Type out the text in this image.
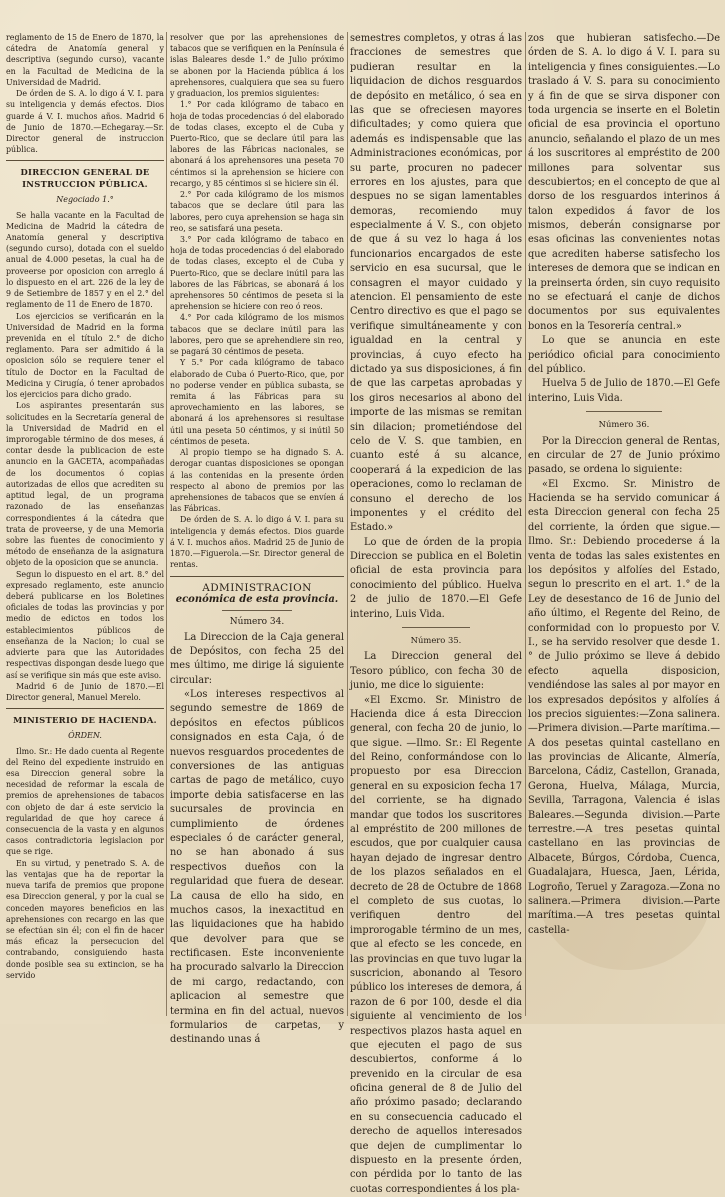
reglamento de 15 de Enero de 1870, la cátedra de Anatomía general y descriptiva (segundo curso), vacante en la Facultad de Medicina de la Universidad de Madrid.

De órden de S. A. lo digo á V. I. para su inteligencia y demás efectos. Dios guarde á V. I. muchos años. Madrid 6 de Junio de 1870.—Echegaray.—Sr. Director general de instruccion pública.

DIRECCION GENERAL DE INSTRUCCION PÚBLICA.
Negociado 1.°

Se halla vacante en la Facultad de Medicina de Madrid la cátedra de Anatomía general y descriptiva (segundo curso), dotada con el sueldo anual de 4.000 pesetas, la cual ha de proveerse por oposicion con arreglo á lo dispuesto en el art. 226 de la ley de 9 de Setiembre de 1857 y en el 2.° del reglamento de 11 de Enero de 1870.

Los ejercicios se verificarán en la Universidad de Madrid en la forma prevenida en el título 2.° de dicho reglamento. Para ser admitido á la oposicion sólo se requiere tener el título de Doctor en la Facultad de Medicina y Cirugía, ó tener aprobados los ejercicios para dicho grado.

Los aspirantes presentarán sus solicitudes en la Secretaría general de la Universidad de Madrid en el improrogable término de dos meses, á contar desde la publicacion de este anuncio en la GACETA, acompañadas de los documentos ó copias autorizadas de ellos que acrediten su aptitud legal, de un programa razonado de las enseñanzas correspondientes á la cátedra que trata de proveerse, y de una Memoria sobre las fuentes de conocimiento y método de enseñanza de la asignatura objeto de la oposicion que se anuncia.

Segun lo dispuesto en el art. 8.° del expresado reglamento, este anuncio deberá publicarse en los Boletines oficiales de todas las provincias y por medio de edictos en todos los establecimientos públicos de enseñanza de la Nacion; lo cual se advierte para que las Autoridades respectivas dispongan desde luego que así se verifique sin más que este aviso.

Madrid 6 de Junio de 1870.—El Director general, Manuel Merelo.

MINISTERIO DE HACIENDA.
ÓRDEN.

Ilmo. Sr.: He dado cuenta al Regente del Reino del expediente instruido en esa Direccion general sobre la necesidad de reformar la escala de premios de aprehensiones de tabacos con objeto de dar á este servicio la regularidad de que hoy carece á consecuencia de la vasta y en algunos casos contradictoria legislacion por que se rige.

En su virtud, y penetrado S. A. de las ventajas que ha de reportar la nueva tarifa de premios que propone esa Direccion general, y por la cual se conceden mayores beneficios en las aprehensiones con recargo en las que se efectúan sin él; con el fin de hacer más eficaz la persecucion del contrabando, consiguiendo hasta donde posible sea su extincion, se ha servido

resolver que por las aprehensiones de tabacos que se verifiquen en la Península é islas Baleares desde 1.° de Julio próximo se abonen por la Hacienda pública á los aprehensores, cualquiera que sea su fuero y graduacion, los premios siguientes:

1.° Por cada kilógramo de tabaco en hoja de todas procedencias ó del elaborado de todas clases, excepto el de Cuba y Puerto-Rico, que se declare útil para las labores de las Fábricas nacionales, se abonará á los aprehensores una peseta 70 céntimos si la aprehension se hiciere con recargo, y 85 céntimos si se hiciere sin él.

2.° Por cada kilógramo de los mismos tabacos que se declare útil para las labores, pero cuya aprehension se haga sin reo, se satisfará una peseta.

3.° Por cada kilógramo de tabaco en hoja de todas procedencias ó del elaborado de todas clases, excepto el de Cuba y Puerto-Rico, que se declare inútil para las labores de las Fábricas, se abonará á los aprehensores 50 céntimos de peseta si la aprehension se hiciere con reo ó reos.

4.° Por cada kilógramo de los mismos tabacos que se declare inútil para las labores, pero que se aprehendiere sin reo, se pagará 30 céntimos de peseta.

Y 5.° Por cada kilógramo de tabaco elaborado de Cuba ó Puerto-Rico, que, por no poderse vender en pública subasta, se remita á las Fábricas para su aprovechamiento en las labores, se abonará á los aprehensores si resultase útil una peseta 50 céntimos, y si inútil 50 céntimos de peseta.

Al propio tiempo se ha dignado S. A. derogar cuantas disposiciones se opongan á las contenidas en la presente órden respecto al abono de premios por las aprehensiones de tabacos que se envíen á las Fábricas.

De órden de S. A. lo digo á V. I. para su inteligencia y demás efectos. Dios guarde á V. I. muchos años. Madrid 25 de Junio de 1870.—Figuerola.—Sr. Director general de rentas.

ADMINISTRACION
económica de esta provincia.
Número 34.

La Direccion de la Caja general de Depósitos, con fecha 25 del mes último, me dirige lá siguiente circular:

«Los intereses respectivos al segundo semestre de 1869 de depósitos en efectos públicos consignados en esta Caja, ó de nuevos resguardos procedentes de conversiones de las antiguas cartas de pago de metálico, cuyo importe debia satisfacerse en las sucursales de provincia en cumplimiento de órdenes especiales ó de carácter general, no se han abonado á sus respectivos dueños con la regularidad que fuera de desear. La causa de ello ha sido, en muchos casos, la inexactitud en las liquidaciones que ha habido que devolver para que se rectificasen. Este inconveniente ha procurado salvarlo la Direccion de mi cargo, redactando, con aplicacion al semestre que termina en fin del actual, nuevos formularios de carpetas, y destinando unas á

semestres completos, y otras á las fracciones de semestres que pudieran resultar en la liquidacion de dichos resguardos de depósito en metálico, ó sea en las que se ofreciesen mayores dificultades; y como quiera que además es indispensable que las Administraciones económicas, por su parte, procuren no padecer errores en los ajustes, para que despues no se sigan lamentables demoras, recomiendo muy especialmente á V. S., con objeto de que á su vez lo haga á los funcionarios encargados de este servicio en esa sucursal, que le consagren el mayor cuidado y atencion. El pensamiento de este Centro directivo es que el pago se verifique simultáneamente y con igualdad en la central y provincias, á cuyo efecto ha dictado ya sus disposiciones, á fin de que las carpetas aprobadas y los giros necesarios al abono del importe de las mismas se remitan sin dilacion; prometiéndose del celo de V. S. que tambien, en cuanto esté á su alcance, cooperará á la expedicion de las operaciones, como lo reclaman de consuno el derecho de los imponentes y el crédito del Estado.»

Lo que de órden de la propia Direccion se publica en el Boletin oficial de esta provincia para conocimiento del público. Huelva 2 de julio de 1870.—El Gefe interino, Luis Vida.

Número 35.

La Direccion general del Tesoro público, con fecha 30 de junio, me dice lo siguiente:

«El Excmo. Sr. Ministro de Hacienda dice á esta Direccion general, con fecha 20 de junio, lo que sigue. —Ilmo. Sr.: El Regente del Reino, conformándose con lo propuesto por esa Direccion general en su exposicion fecha 17 del corriente, se ha dignado mandar que todos los suscritores al empréstito de 200 millones de escudos, que por cualquier causa hayan dejado de ingresar dentro de los plazos señalados en el decreto de 28 de Octubre de 1868 el completo de sus cuotas, lo verifiquen dentro del improrogable término de un mes, que al efecto se les concede, en las provincias en que tuvo lugar la suscricion, abonando al Tesoro público los intereses de demora, á razon de 6 por 100, desde el dia siguiente al vencimiento de los respectivos plazos hasta aquel en que ejecuten el pago de sus descubiertos, conforme á lo prevenido en la circular de esa oficina general de 8 de Julio del año próximo pasado; declarando en su consecuencia caducado el derecho de aquellos interesados que dejen de cumplimentar lo dispuesto en la presente órden, con pérdida por lo tanto de las cuotas correspondientes á los pla-

zos que hubieran satisfecho.—De órden de S. A. lo digo á V. I. para su inteligencia y fines consiguientes.—Lo traslado á V. S. para su conocimiento y á fin de que se sirva disponer con toda urgencia se inserte en el Boletin oficial de esa provincia el oportuno anuncio, señalando el plazo de un mes á los suscritores al empréstito de 200 millones para solventar sus descubiertos; en el concepto de que al dorso de los resguardos interinos á talon expedidos á favor de los mismos, deberán consignarse por esas oficinas las convenientes notas que acrediten haberse satisfecho los intereses de demora que se indican en la preinserta órden, sin cuyo requisito no se efectuará el canje de dichos documentos por sus equivalentes bonos en la Tesorería central.»

Lo que se anuncia en este periódico oficial para conocimiento del público.

Huelva 5 de Julio de 1870.—El Gefe interino, Luis Vida.

Número 36.

Por la Direccion general de Rentas, en circular de 27 de Junio próximo pasado, se ordena lo siguiente:

«El Excmo. Sr. Ministro de Hacienda se ha servido comunicar á esta Direccion general con fecha 25 del corriente, la órden que sigue.—Ilmo. Sr.: Debiendo procederse á la venta de todas las sales existentes en los depósitos y alfolíes del Estado, segun lo prescrito en el art. 1.° de la Ley de desestanco de 16 de Junio del año último, el Regente del Reino, de conformidad con lo propuesto por V. I., se ha servido resolver que desde 1.° de Julio próximo se lleve á debido efecto aquella disposicion, vendiéndose las sales al por mayor en los expresados depósitos y alfolíes á los precios siguientes:—Zona salinera.—Primera division.—Parte marítima.—A dos pesetas quintal castellano en las provincias de Alicante, Almería, Barcelona, Cádiz, Castellon, Granada, Gerona, Huelva, Málaga, Murcia, Sevilla, Tarragona, Valencia é islas Baleares.—Segunda division.—Parte terrestre.—A tres pesetas quintal castellano en las provincias de Albacete, Búrgos, Córdoba, Cuenca, Guadalajara, Huesca, Jaen, Lérida, Logroño, Teruel y Zaragoza.—Zona no salinera.—Primera division.—Parte marítima.—A tres pesetas quintal castella-
